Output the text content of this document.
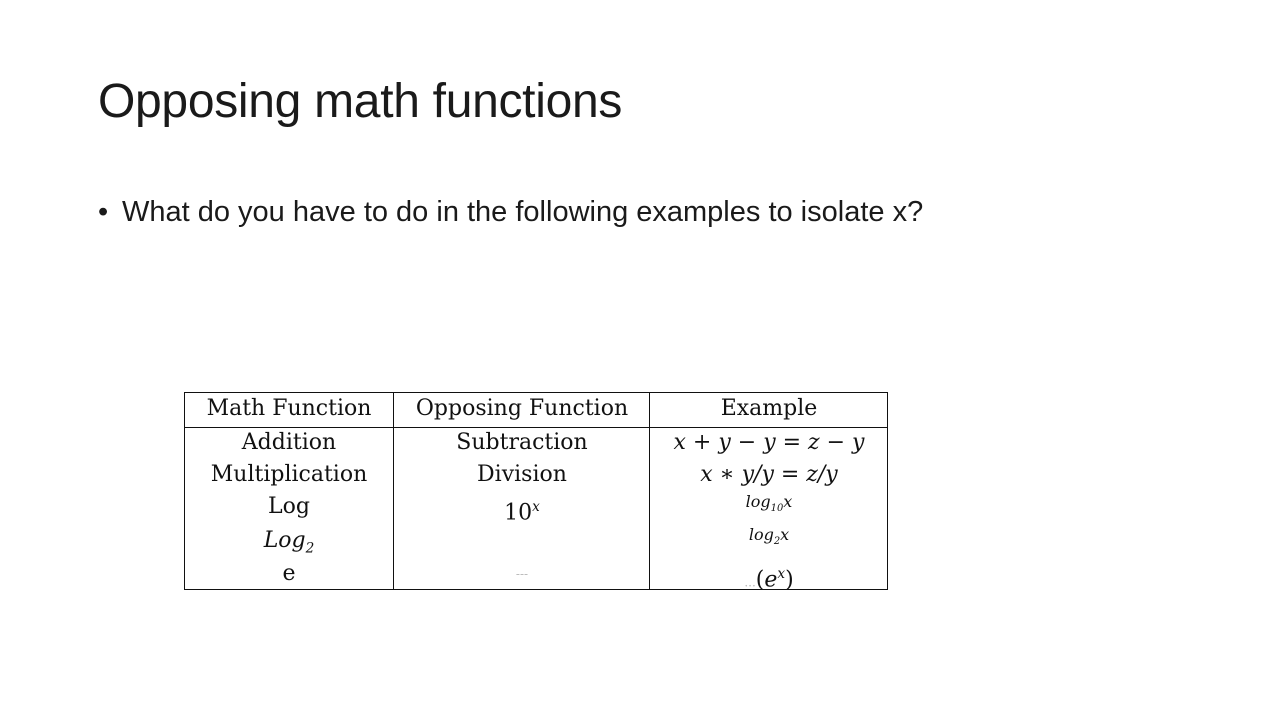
Opposing math functions
• What do you have to do in the following examples to isolate x?
Math Function
Addition
Multiplication
Log
Log$_2$
e
Opposing Function
Subtraction
Division
10$^x$
---
Example
x + y − y = z − y
x ∗ y/y = z/y
$\log_{10}x$
$\log_2x$
$...(e^x)$
